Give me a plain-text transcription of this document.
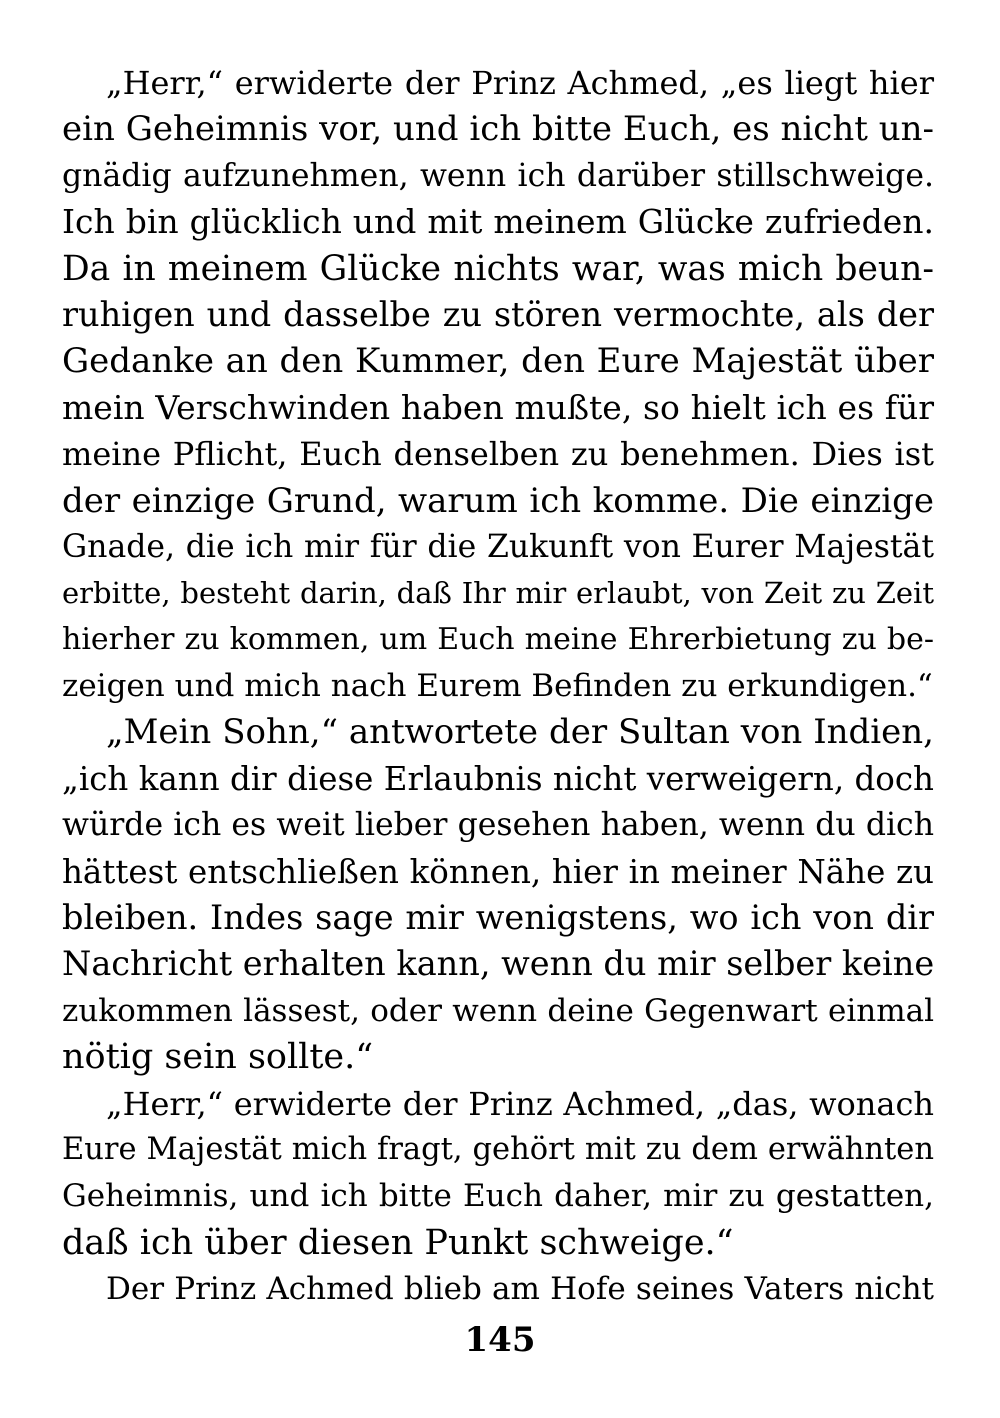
„Herr,“ erwiderte der Prinz Achmed, „es liegt hier
ein Geheimnis vor, und ich bitte Euch, es nicht un-
gnädig aufzunehmen, wenn ich darüber stillschweige.
Ich bin glücklich und mit meinem Glücke zufrieden.
Da in meinem Glücke nichts war, was mich beun-
ruhigen und dasselbe zu stören vermochte, als der
Gedanke an den Kummer, den Eure Majestät über
mein Verschwinden haben mußte, so hielt ich es für
meine Pflicht, Euch denselben zu benehmen. Dies ist
der einzige Grund, warum ich komme. Die einzige
Gnade, die ich mir für die Zukunft von Eurer Majestät
erbitte, besteht darin, daß Ihr mir erlaubt, von Zeit zu Zeit
hierher zu kommen, um Euch meine Ehrerbietung zu be-
zeigen und mich nach Eurem Befinden zu erkundigen.“
„Mein Sohn,“ antwortete der Sultan von Indien,
„ich kann dir diese Erlaubnis nicht verweigern, doch
würde ich es weit lieber gesehen haben, wenn du dich
hättest entschließen können, hier in meiner Nähe zu
bleiben. Indes sage mir wenigstens, wo ich von dir
Nachricht erhalten kann, wenn du mir selber keine
zukommen lässest, oder wenn deine Gegenwart einmal
nötig sein sollte.“
„Herr,“ erwiderte der Prinz Achmed, „das, wonach
Eure Majestät mich fragt, gehört mit zu dem erwähnten
Geheimnis, und ich bitte Euch daher, mir zu gestatten,
daß ich über diesen Punkt schweige.“
Der Prinz Achmed blieb am Hofe seines Vaters nicht
145
